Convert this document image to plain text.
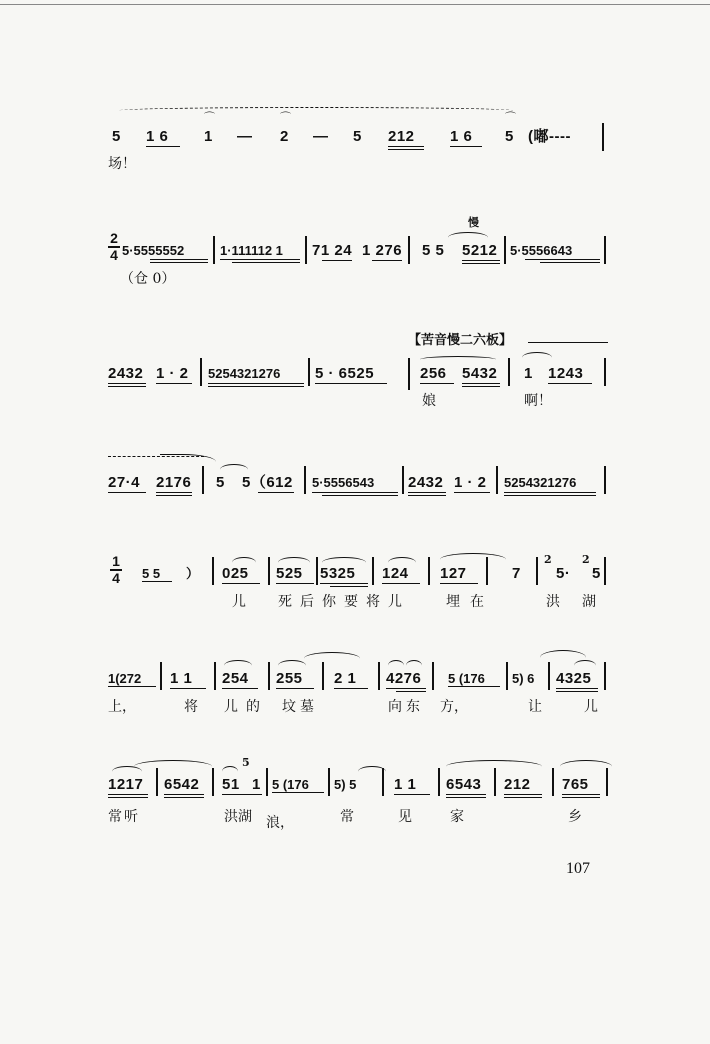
5 1 6
⌒
1 —
⌒
2 — 5 212 1 6
⌒
5 (嘟----
场！
2
4 5·5555552	1·111112 1 71 24 1 276
慢
5 5 5212 5·5556643
（仓 0）
【苦音慢二六板】
2432 1 · 2 5254321276 5 · 6525	256 5432 1 1243
娘	啊！
27·4 2176 5 5（612 5·5556543 2432 1 · 2 5254321276
1
4 5 5 ） 025 525 5325 124 127	7
2	2
5· 5
儿 死后你要将儿	埋在	洪湖
1(272 1 1 254 255 2 1 4276 5 (176 5) 6 4325
上，	将 儿的 坟墓	向东 方，	让	儿
1217 6542
5
51 1 5 (176 5) 5	1 1 6543 212 765
常听	洪湖 浪，	常	见	家	乡
107
